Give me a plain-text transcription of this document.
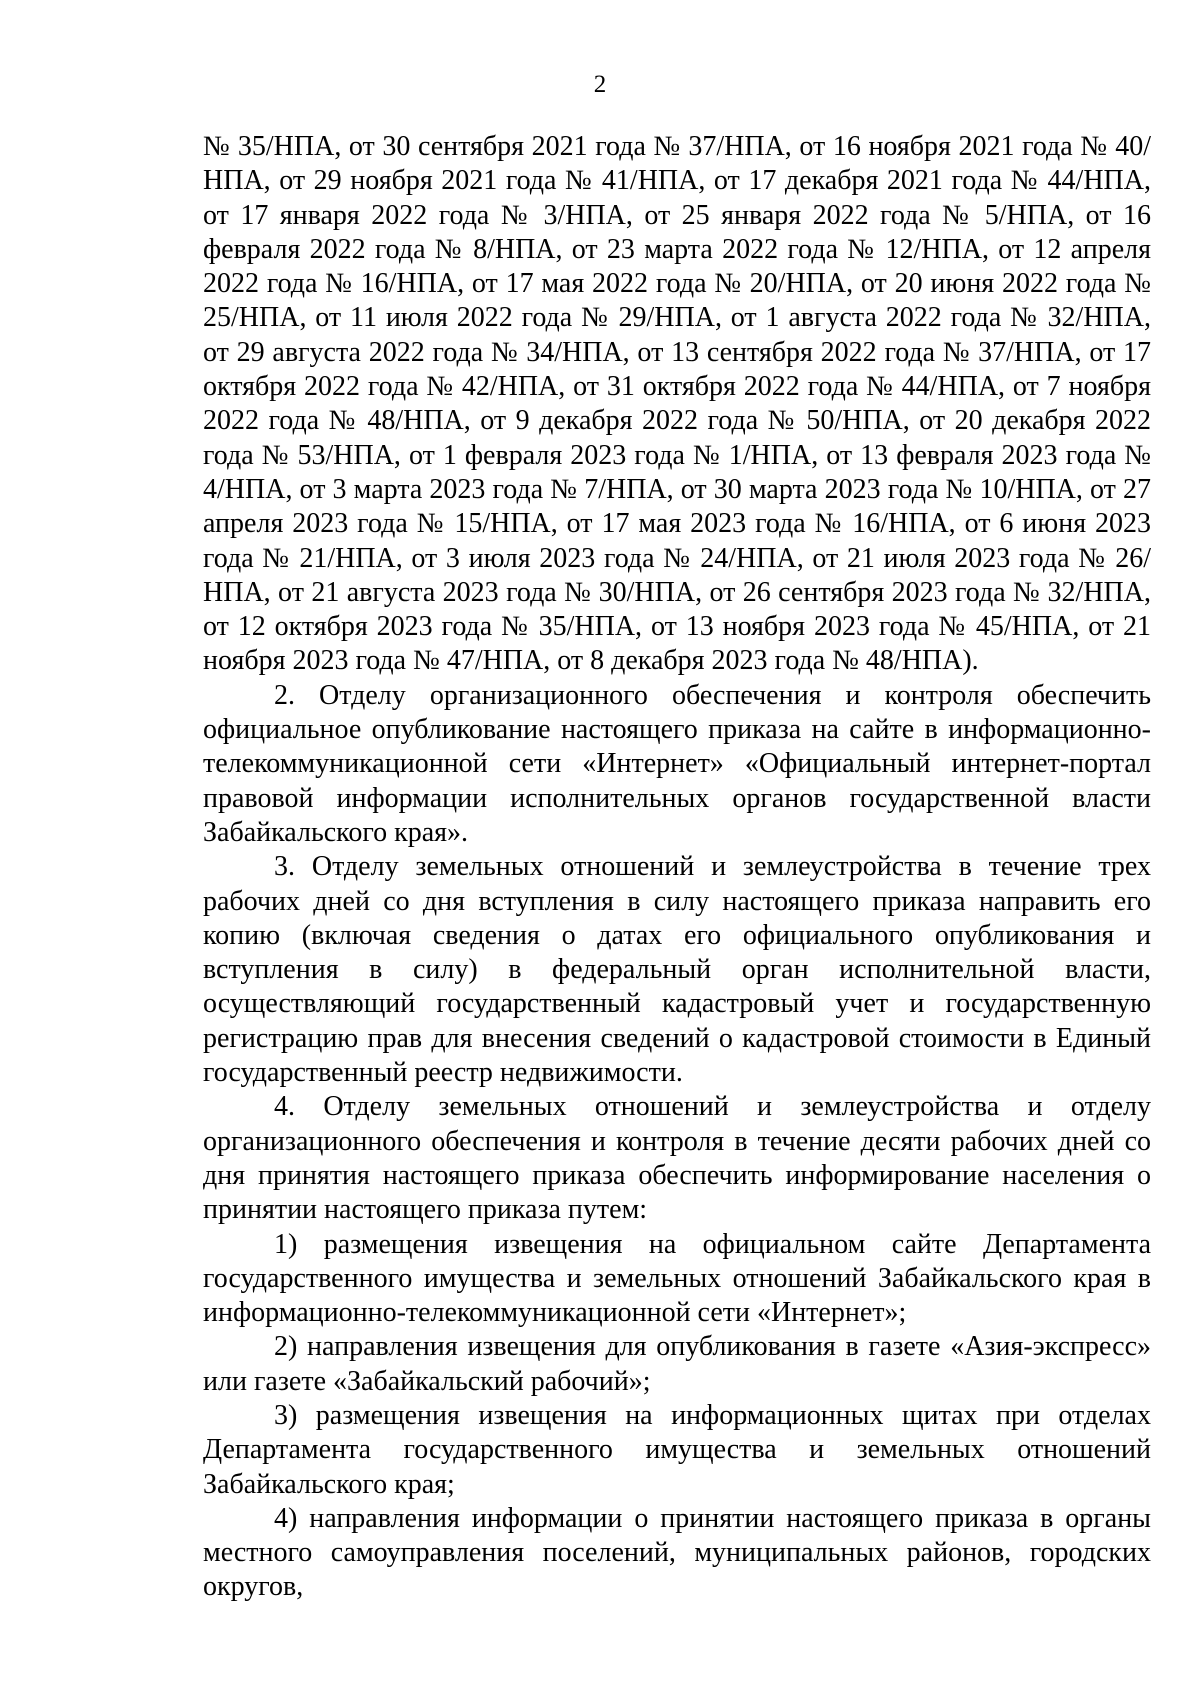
2

№ 35/НПА, от 30 сентября 2021 года № 37/НПА, от 16 ноября 2021 года № 40/НПА, от 29 ноября 2021 года № 41/НПА, от 17 декабря 2021 года № 44/НПА, от 17 января 2022 года № 3/НПА, от 25 января 2022 года № 5/НПА, от 16 февраля 2022 года № 8/НПА, от 23 марта 2022 года № 12/НПА, от 12 апреля 2022 года № 16/НПА, от 17 мая 2022 года № 20/НПА, от 20 июня 2022 года № 25/НПА, от 11 июля 2022 года № 29/НПА, от 1 августа 2022 года № 32/НПА, от 29 августа 2022 года № 34/НПА, от 13 сентября 2022 года № 37/НПА, от 17 октября 2022 года № 42/НПА, от 31 октября 2022 года № 44/НПА, от 7 ноября 2022 года № 48/НПА, от 9 декабря 2022 года № 50/НПА, от 20 декабря 2022 года № 53/НПА, от 1 февраля 2023 года № 1/НПА, от 13 февраля 2023 года № 4/НПА, от 3 марта 2023 года № 7/НПА, от 30 марта 2023 года № 10/НПА, от 27 апреля 2023 года № 15/НПА, от 17 мая 2023 года № 16/НПА, от 6 июня 2023 года № 21/НПА, от 3 июля 2023 года № 24/НПА, от 21 июля 2023 года № 26/НПА, от 21 августа 2023 года № 30/НПА, от 26 сентября 2023 года № 32/НПА, от 12 октября 2023 года № 35/НПА, от 13 ноября 2023 года № 45/НПА, от 21 ноября 2023 года № 47/НПА, от 8 декабря 2023 года № 48/НПА).

2. Отделу организационного обеспечения и контроля обеспечить официальное опубликование настоящего приказа на сайте в информационно-телекоммуникационной сети «Интернет» «Официальный интернет-портал правовой информации исполнительных органов государственной власти Забайкальского края».

3. Отделу земельных отношений и землеустройства в течение трех рабочих дней со дня вступления в силу настоящего приказа направить его копию (включая сведения о датах его официального опубликования и вступления в силу) в федеральный орган исполнительной власти, осуществляющий государственный кадастровый учет и государственную регистрацию прав для внесения сведений о кадастровой стоимости в Единый государственный реестр недвижимости.

4. Отделу земельных отношений и землеустройства и отделу организационного обеспечения и контроля в течение десяти рабочих дней со дня принятия настоящего приказа обеспечить информирование населения о принятии настоящего приказа путем:

1) размещения извещения на официальном сайте Департамента государственного имущества и земельных отношений Забайкальского края в информационно-телекоммуникационной сети «Интернет»;

2) направления извещения для опубликования в газете «Азия-экспресс» или газете «Забайкальский рабочий»;

3) размещения извещения на информационных щитах при отделах Департамента государственного имущества и земельных отношений Забайкальского края;

4) направления информации о принятии настоящего приказа в органы местного самоуправления поселений, муниципальных районов, городских округов,
